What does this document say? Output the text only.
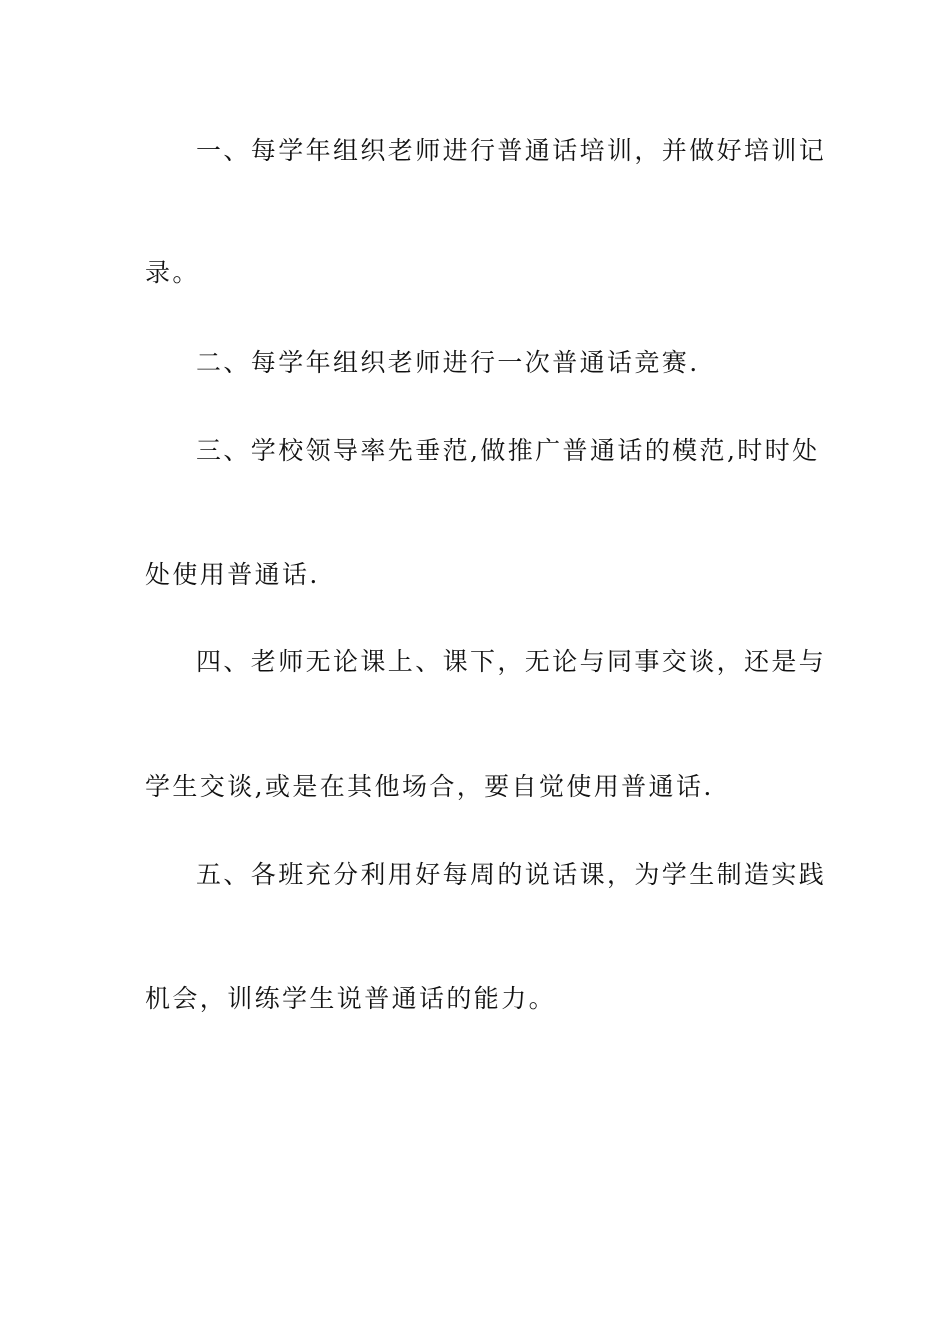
一、每学年组织老师进行普通话培训，并做好培训记
录。
二、每学年组织老师进行一次普通话竞赛.
三、学校领导率先垂范,做推广普通话的模范,时时处
处使用普通话.
四、老师无论课上、课下，无论与同事交谈，还是与
学生交谈,或是在其他场合，要自觉使用普通话.
五、各班充分利用好每周的说话课，为学生制造实践
机会，训练学生说普通话的能力。
